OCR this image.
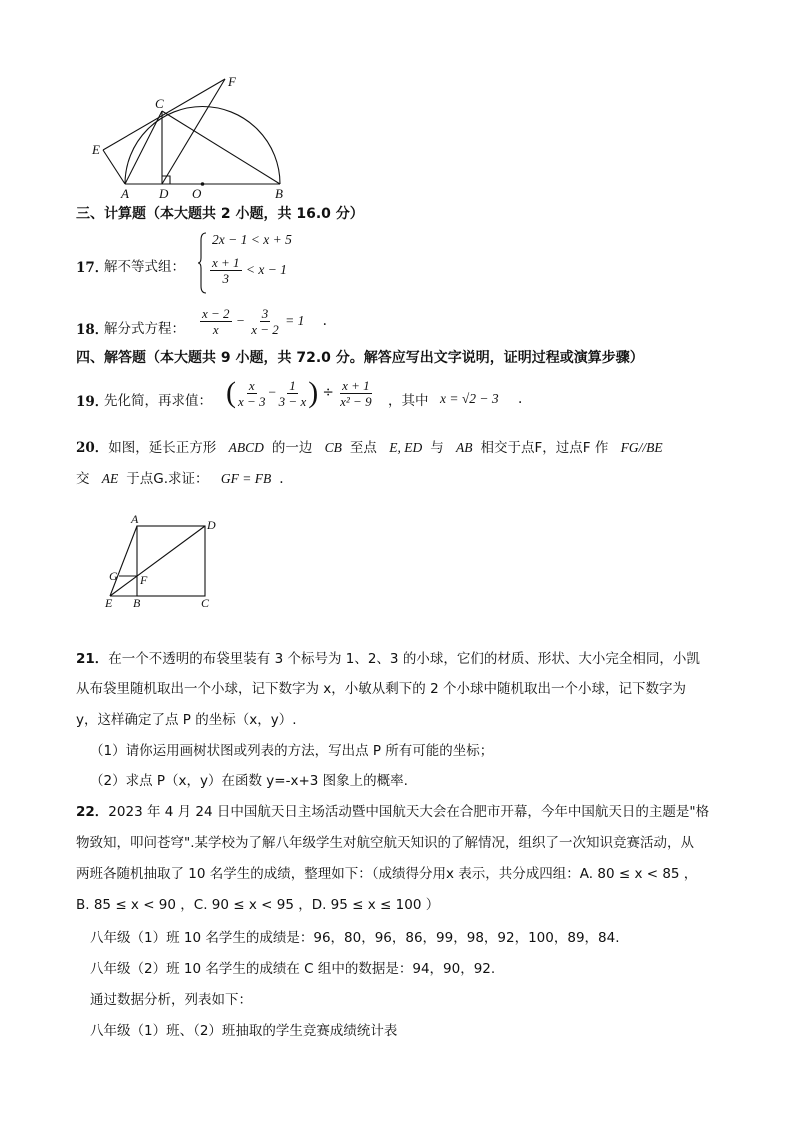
F
C
E
A D O	B
三、计算题（本大题共 2 小题，共 16.0 分）
17．
解不等式组：
2x − 1 < x + 5
$\frac{x + 1}{3} < x - 1$
18．
解分式方程： $\frac{x - 2}{x} - \frac{3}{x - 2} = 1$ .
四、解答题（本大题共 9 小题，共 72.0 分。解答应写出文字说明，证明过程或演算步骤）
19．
先化简，再求值： ( $\frac{x}{x - 3} - \frac{1}{3 - x}$ ) ÷ $\frac{x + 1}{\text{x² − 9}}$ ，其中 x = √2 − 3 .
20．如图，延长正方形 ABCD 的一边 CB 至点 E, ED 与 AB 相交于点F，过点F 作 FG//BE
交 AE 于点G.求证： GF = FB .
A	D
G F
E B	C
21．在一个不透明的布袋里装有 3 个标号为 1、2、3 的小球，它们的材质、形状、大小完全相同，小凯
从布袋里随机取出一个小球，记下数字为 x，小敏从剩下的 2 个小球中随机取出一个小球，记下数字为
y，这样确定了点 P 的坐标（x，y）.
（1）请你运用画树状图或列表的方法，写出点 P 所有可能的坐标；
（2）求点 P（x，y）在函数 y=-x+3 图象上的概率.
22．2023 年 4 月 24 日中国航天日主场活动暨中国航天大会在合肥市开幕，今年中国航天日的主题是"格
物致知，叩问苍穹".某学校为了解八年级学生对航空航天知识的了解情况，组织了一次知识竞赛活动，从
两班各随机抽取了 10 名学生的成绩，整理如下：（成绩得分用x 表示，共分成四组：A. 80 ≤ x < 85 ，
B. 85 ≤ x < 90 ，C. 90 ≤ x < 95 ，D. 95 ≤ x ≤ 100 ）
八年级（1）班 10 名学生的成绩是：96，80，96，86，99，98，92，100，89，84.
八年级（2）班 10 名学生的成绩在 C 组中的数据是：94，90，92.
通过数据分析，列表如下：
八年级（1）班、（2）班抽取的学生竞赛成绩统计表
